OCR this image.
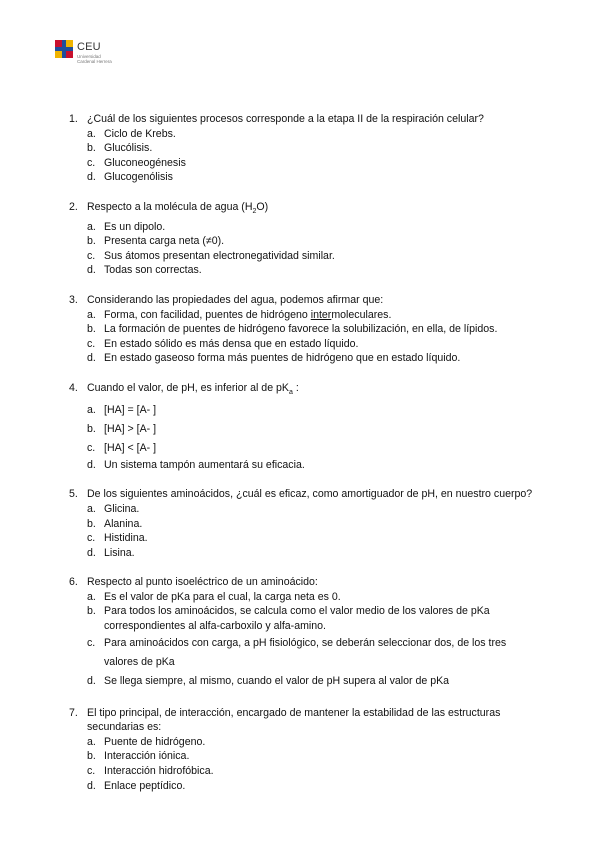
CEU
Universidad
Cardenal Herrera
1. ¿Cuál de los siguientes procesos corresponde a la etapa II de la respiración celular?
a. Ciclo de Krebs.
b. Glucólisis.
c. Gluconeogénesis
d. Glucogenólisis
2. Respecto a la molécula de agua $(H_2O)$
a. Es un dipolo.
b. Presenta carga neta (≠0).
c. Sus átomos presentan electronegatividad similar.
d. Todas son correctas.
3. Considerando las propiedades del agua, podemos afirmar que:
a. Forma, con facilidad, puentes de hidrógeno intermoleculares.
b. La formación de puentes de hidrógeno favorece la solubilización, en ella, de lípidos.
c. En estado sólido es más densa que en estado líquido.
d. En estado gaseoso forma más puentes de hidrógeno que en estado líquido.
4. Cuando el valor, de pH, es inferior al de $pK_a$ :
a. [HA] = [A- ]
b. [HA] > [A- ]
c. [HA] < [A- ]
d. Un sistema tampón aumentará su eficacia.
5. De los siguientes aminoácidos, ¿cuál es eficaz, como amortiguador de pH, en nuestro cuerpo?
a. Glicina.
b. Alanina.
c. Histidina.
d. Lisina.
6. Respecto al punto isoeléctrico de un aminoácido:
a. Es el valor de pKa para el cual, la carga neta es 0.
b. Para todos los aminoácidos, se calcula como el valor medio de los valores de pKa correspondientes al alfa-carboxilo y alfa-amino.
c. Para aminoácidos con carga, a pH fisiológico, se deberán seleccionar dos, de los tres valores de pKa
d. Se llega siempre, al mismo, cuando el valor de pH supera al valor de pKa
7. El tipo principal, de interacción, encargado de mantener la estabilidad de las estructuras secundarias es:
a. Puente de hidrógeno.
b. Interacción iónica.
c. Interacción hidrofóbica.
d. Enlace peptídico.
